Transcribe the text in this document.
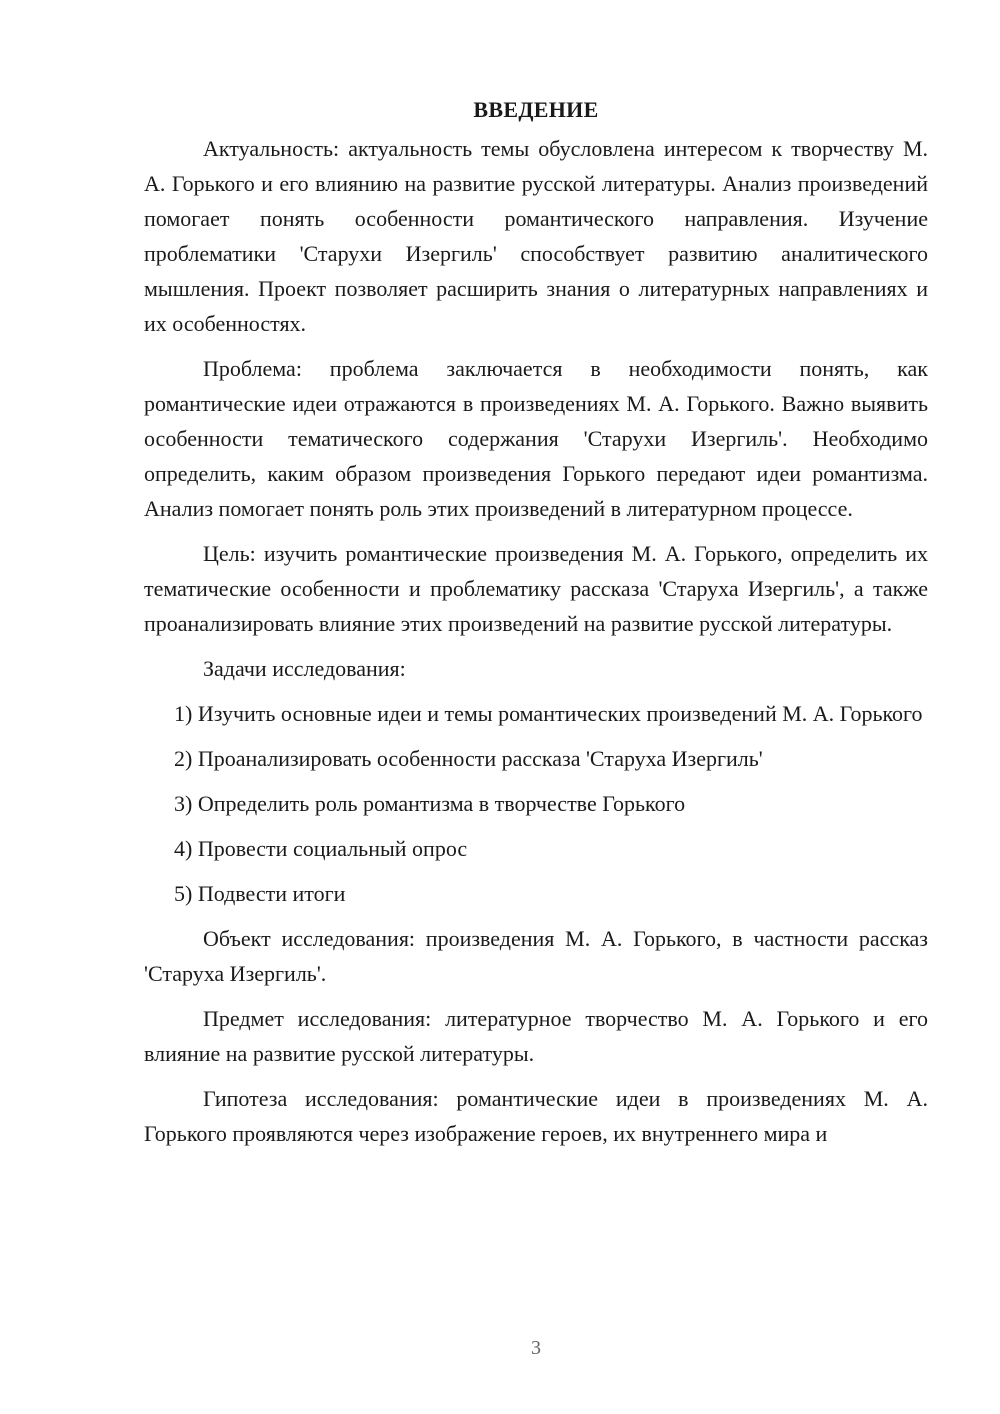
ВВЕДЕНИЕ

Актуальность: актуальность темы обусловлена интересом к творчеству М. А. Горького и его влиянию на развитие русской литературы. Анализ произведений помогает понять особенности романтического направления. Изучение проблематики 'Старухи Изергиль' способствует развитию аналитического мышления. Проект позволяет расширить знания о литературных направлениях и их особенностях.

Проблема: проблема заключается в необходимости понять, как романтические идеи отражаются в произведениях М. А. Горького. Важно выявить особенности тематического содержания 'Старухи Изергиль'. Необходимо определить, каким образом произведения Горького передают идеи романтизма. Анализ помогает понять роль этих произведений в литературном процессе.

Цель: изучить романтические произведения М. А. Горького, определить их тематические особенности и проблематику рассказа 'Старуха Изергиль', а также проанализировать влияние этих произведений на развитие русской литературы.

Задачи исследования:

1) Изучить основные идеи и темы романтических произведений М. А. Горького

2) Проанализировать особенности рассказа 'Старуха Изергиль'

3) Определить роль романтизма в творчестве Горького

4) Провести социальный опрос

5) Подвести итоги

Объект исследования: произведения М. А. Горького, в частности рассказ 'Старуха Изергиль'.

Предмет исследования: литературное творчество М. А. Горького и его влияние на развитие русской литературы.

Гипотеза исследования: романтические идеи в произведениях М. А. Горького проявляются через изображение героев, их внутреннего мира и

3
